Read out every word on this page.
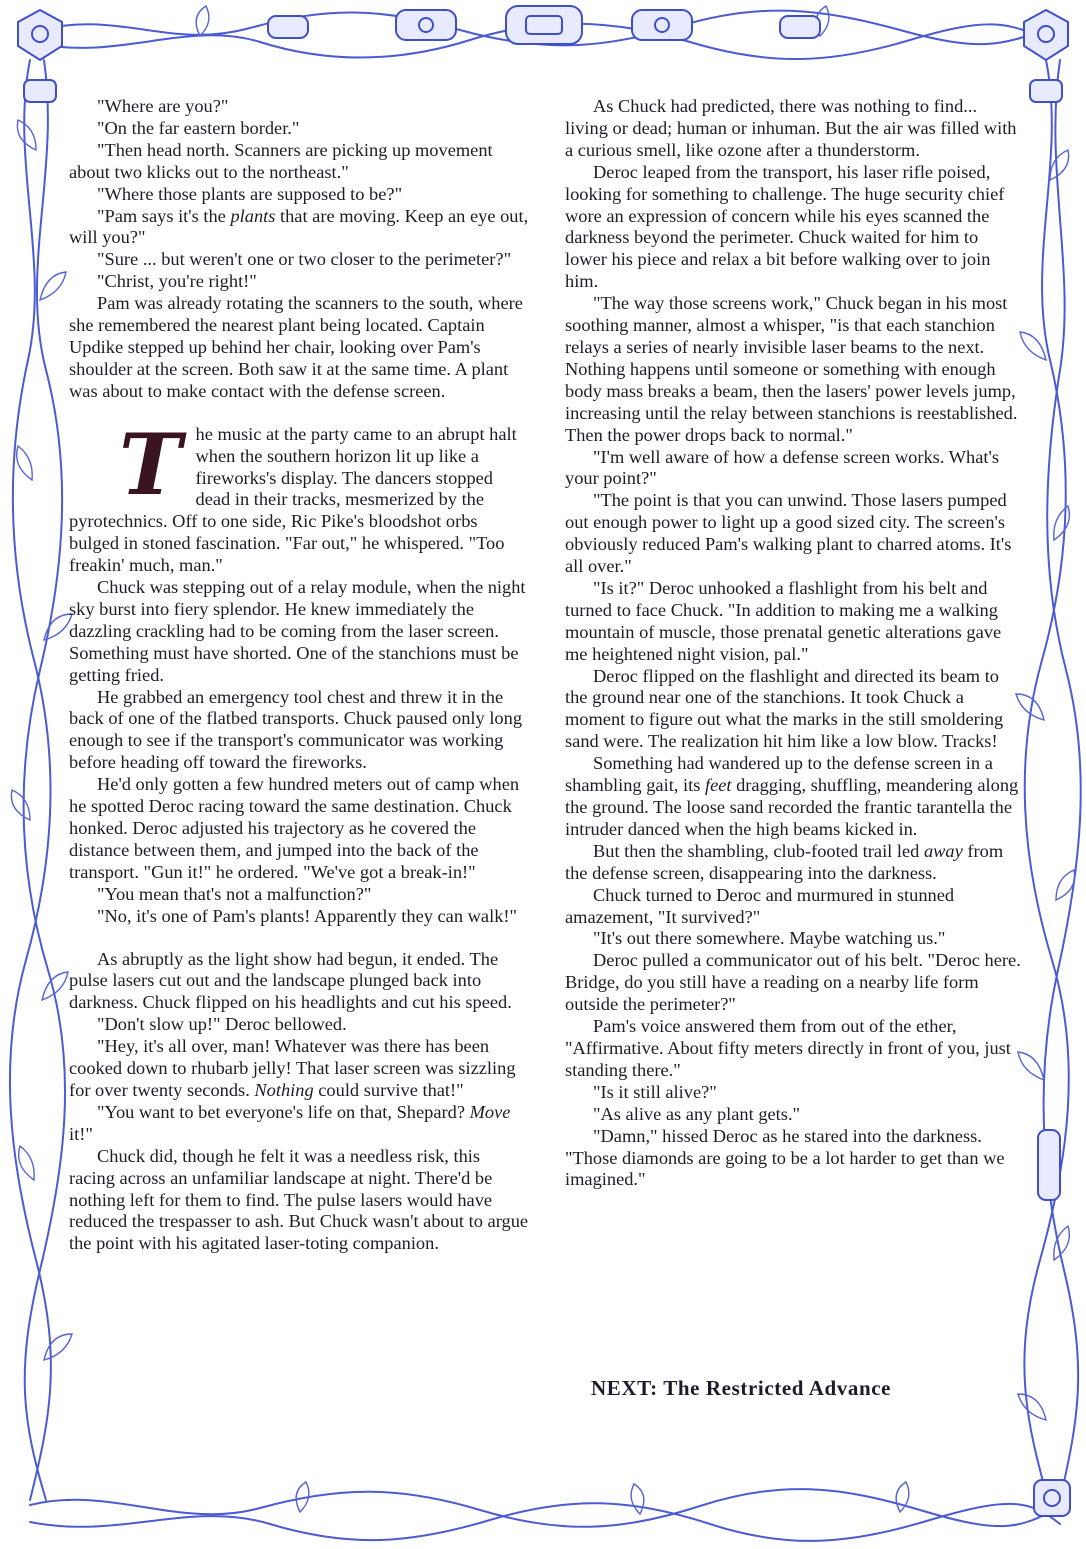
"Where are you?"

"On the far eastern border."

"Then head north. Scanners are picking up movement about two klicks out to the northeast."

"Where those plants are supposed to be?"

"Pam says it's the plants that are moving. Keep an eye out, will you?"

"Sure ... but weren't one or two closer to the perimeter?"

"Christ, you're right!"

Pam was already rotating the scanners to the south, where she remembered the nearest plant being located. Captain Updike stepped up behind her chair, looking over Pam's shoulder at the screen. Both saw it at the same time. A plant was about to make contact with the defense screen.

The music at the party came to an abrupt halt when the southern horizon lit up like a fireworks's display. The dancers stopped dead in their tracks, mesmerized by the pyrotechnics. Off to one side, Ric Pike's bloodshot orbs bulged in stoned fascination. "Far out," he whispered. "Too freakin' much, man."

Chuck was stepping out of a relay module, when the night sky burst into fiery splendor. He knew immediately the dazzling crackling had to be coming from the laser screen. Something must have shorted. One of the stanchions must be getting fried.

He grabbed an emergency tool chest and threw it in the back of one of the flatbed transports. Chuck paused only long enough to see if the transport's communicator was working before heading off toward the fireworks.

He'd only gotten a few hundred meters out of camp when he spotted Deroc racing toward the same destination. Chuck honked. Deroc adjusted his trajectory as he covered the distance between them, and jumped into the back of the transport. "Gun it!" he ordered. "We've got a break-in!"

"You mean that's not a malfunction?"

"No, it's one of Pam's plants! Apparently they can walk!"

As abruptly as the light show had begun, it ended. The pulse lasers cut out and the landscape plunged back into darkness. Chuck flipped on his headlights and cut his speed.

"Don't slow up!" Deroc bellowed.

"Hey, it's all over, man! Whatever was there has been cooked down to rhubarb jelly! That laser screen was sizzling for over twenty seconds. Nothing could survive that!"

"You want to bet everyone's life on that, Shepard? Move it!"

Chuck did, though he felt it was a needless risk, this racing across an unfamiliar landscape at night. There'd be nothing left for them to find. The pulse lasers would have reduced the trespasser to ash. But Chuck wasn't about to argue the point with his agitated laser-toting companion.

As Chuck had predicted, there was nothing to find... living or dead; human or inhuman. But the air was filled with a curious smell, like ozone after a thunderstorm.

Deroc leaped from the transport, his laser rifle poised, looking for something to challenge. The huge security chief wore an expression of concern while his eyes scanned the darkness beyond the perimeter. Chuck waited for him to lower his piece and relax a bit before walking over to join him.

"The way those screens work," Chuck began in his most soothing manner, almost a whisper, "is that each stanchion relays a series of nearly invisible laser beams to the next. Nothing happens until someone or something with enough body mass breaks a beam, then the lasers' power levels jump, increasing until the relay between stanchions is reestablished. Then the power drops back to normal."

"I'm well aware of how a defense screen works. What's your point?"

"The point is that you can unwind. Those lasers pumped out enough power to light up a good sized city. The screen's obviously reduced Pam's walking plant to charred atoms. It's all over."

"Is it?" Deroc unhooked a flashlight from his belt and turned to face Chuck. "In addition to making me a walking mountain of muscle, those prenatal genetic alterations gave me heightened night vision, pal."

Deroc flipped on the flashlight and directed its beam to the ground near one of the stanchions. It took Chuck a moment to figure out what the marks in the still smoldering sand were. The realization hit him like a low blow. Tracks!

Something had wandered up to the defense screen in a shambling gait, its feet dragging, shuffling, meandering along the ground. The loose sand recorded the frantic tarantella the intruder danced when the high beams kicked in.

But then the shambling, club-footed trail led away from the defense screen, disappearing into the darkness.

Chuck turned to Deroc and murmured in stunned amazement, "It survived?"

"It's out there somewhere. Maybe watching us."

Deroc pulled a communicator out of his belt. "Deroc here. Bridge, do you still have a reading on a nearby life form outside the perimeter?"

Pam's voice answered them from out of the ether, "Affirmative. About fifty meters directly in front of you, just standing there."

"Is it still alive?"

"As alive as any plant gets."

"Damn," hissed Deroc as he stared into the darkness. "Those diamonds are going to be a lot harder to get than we imagined."

NEXT: The Restricted Advance
